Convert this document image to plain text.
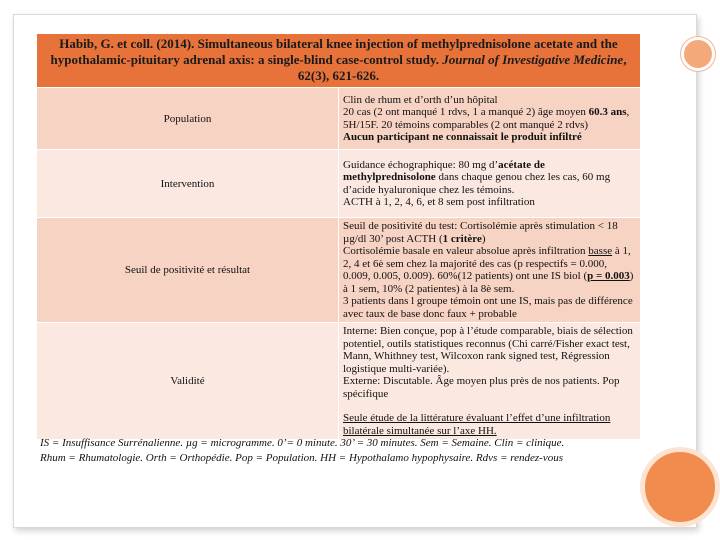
Habib, G. et coll. (2014). Simultaneous bilateral knee injection of methylprednisolone acetate and the hypothalamic-pituitary adrenal axis: a single-blind case-control study. Journal of Investigative Medicine, 62(3), 621-626.	
Population	Clin de rhum et d’orth d’un hôpital
20 cas (2 ont manqué 1 rdvs, 1 a manqué 2) âge moyen 60.3 ans, 5H/15F. 20 témoins comparables (2 ont manqué 2 rdvs)
Aucun participant ne connaissait le produit infiltré

Intervention	Guidance échographique: 80 mg d’acétate de methylprednisolone dans chaque genou chez les cas, 60 mg d’acide hyaluronique chez les témoins.
ACTH à 1, 2, 4, 6, et 8 sem post infiltration

Seuil de positivité et résultat	Seuil de positivité du test: Cortisolémie après stimulation < 18 µg/dl 30’ post ACTH (1 critère)
Cortisolémie basale en valeur absolue après infiltration basse à 1, 2, 4 et 6è sem chez la majorité des cas (p respectifs = 0.000, 0.009, 0.005, 0.009). 60%(12 patients) ont une IS biol (p = 0.003) à 1 sem, 10% (2 patientes) à la 8è sem.
3 patients dans l groupe témoin ont une IS, mais pas de différence avec taux de base donc faux + probable

Validité	Interne: Bien conçue, pop à l’étude comparable, biais de sélection potentiel, outils statistiques reconnus (Chi carré/Fisher exact test, Mann, Whithney test, Wilcoxon rank signed test, Régression logistique multi-variée).
Externe: Discutable. Âge moyen plus près de nos patients. Pop spécifique
Seule étude de la littérature évaluant l’effet d’une infiltration bilatérale simultanée sur l’axe HH.
IS = Insuffisance Surrénalienne. µg = microgramme. 0’= 0 minute. 30’ = 30 minutes. Sem = Semaine. Clin = clinique.
Rhum = Rhumatologie. Orth = Orthopédie. Pop = Population. HH = Hypothalamo hypophysaire. Rdvs = rendez-vous
